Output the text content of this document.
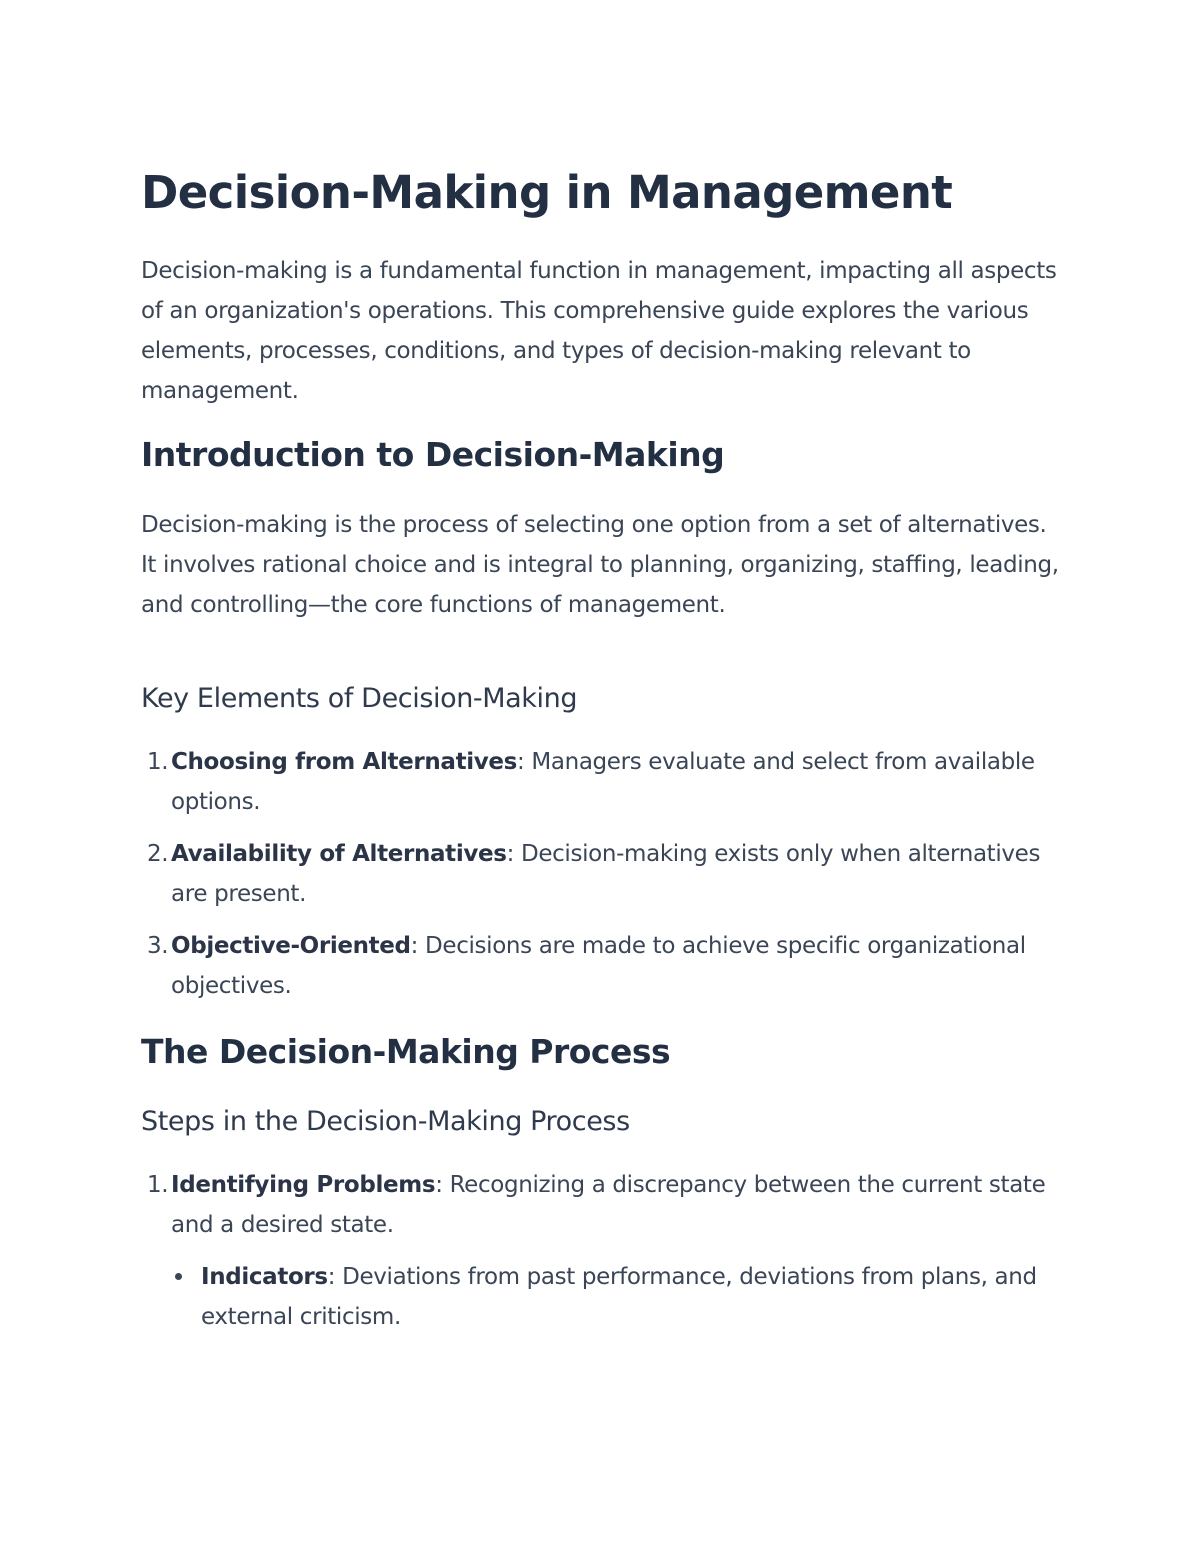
Decision-Making in Management

Decision-making is a fundamental function in management, impacting all aspects of an organization's operations. This comprehensive guide explores the various elements, processes, conditions, and types of decision-making relevant to management.

Introduction to Decision-Making

Decision-making is the process of selecting one option from a set of alternatives. It involves rational choice and is integral to planning, organizing, staffing, leading, and controlling—the core functions of management.

Key Elements of Decision-Making
1. Choosing from Alternatives: Managers evaluate and select from available options.
2. Availability of Alternatives: Decision-making exists only when alternatives are present.
3. Objective-Oriented: Decisions are made to achieve specific organizational objectives.
The Decision-Making Process
Steps in the Decision-Making Process
1. Identifying Problems: Recognizing a discrepancy between the current state and a desired state.
Indicators: Deviations from past performance, deviations from plans, and external criticism.
